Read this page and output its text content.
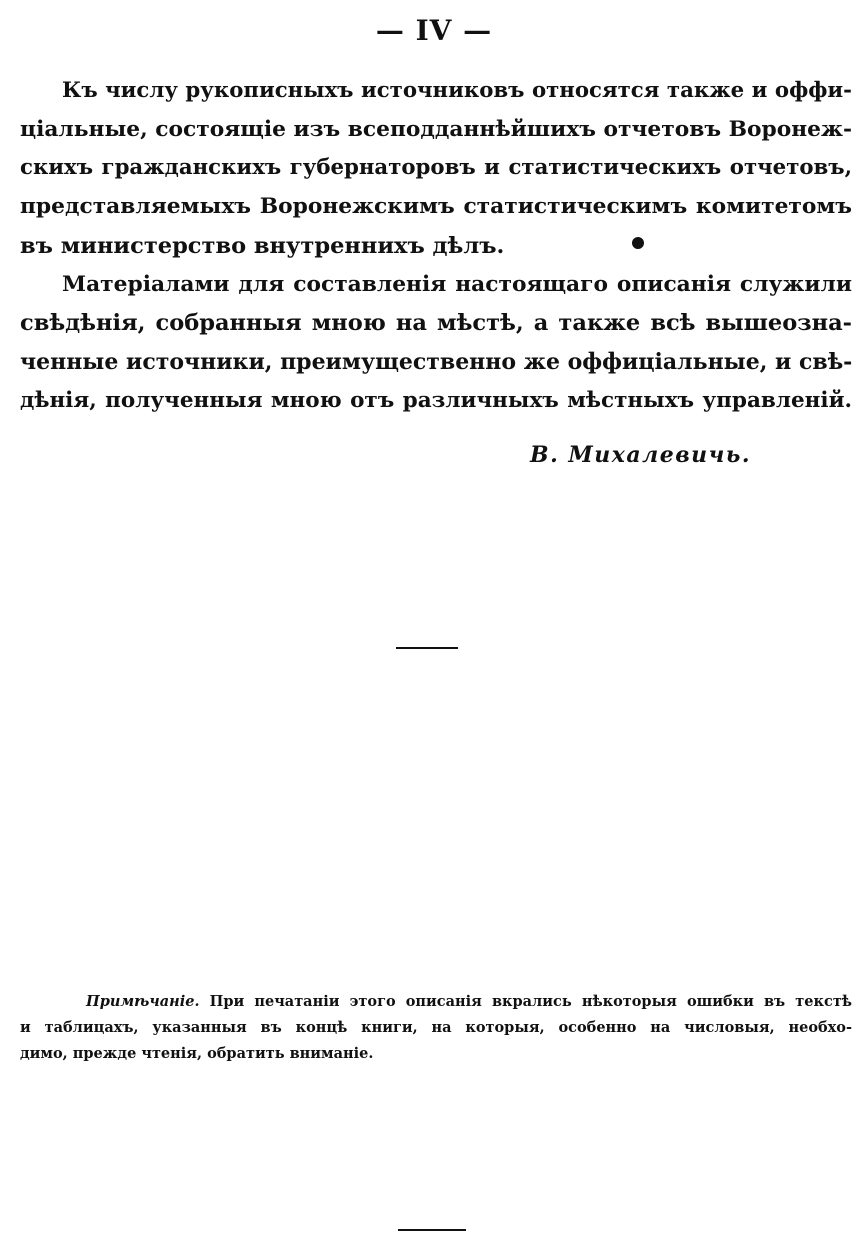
— IV —
Къ числу рукописныхъ источниковъ относятся также и оффи-
ціальные, состоящіе изъ всеподданнѣйшихъ отчетовъ Воронеж-
скихъ гражданскихъ губернаторовъ и статистическихъ отчетовъ,
представляемыхъ Воронежскимъ статистическимъ комитетомъ
въ министерство внутреннихъ дѣлъ.
Матеріалами для составленія настоящаго описанія служили
свѣдѣнія, собранныя мною на мѣстѣ, а также всѣ вышеозна-
ченные источники, преимущественно же оффиціальные, и свѣ-
дѣнія, полученныя мною отъ различныхъ мѣстныхъ управленій.
В. Михалевичь.
Примѣчаніе. При печатаніи этого описанія вкрались нѣкоторыя ошибки въ текстѣ
и таблицахъ, указанныя въ концѣ книги, на которыя, особенно на числовыя, необхо-
димо, прежде чтенія, обратить вниманіе.
